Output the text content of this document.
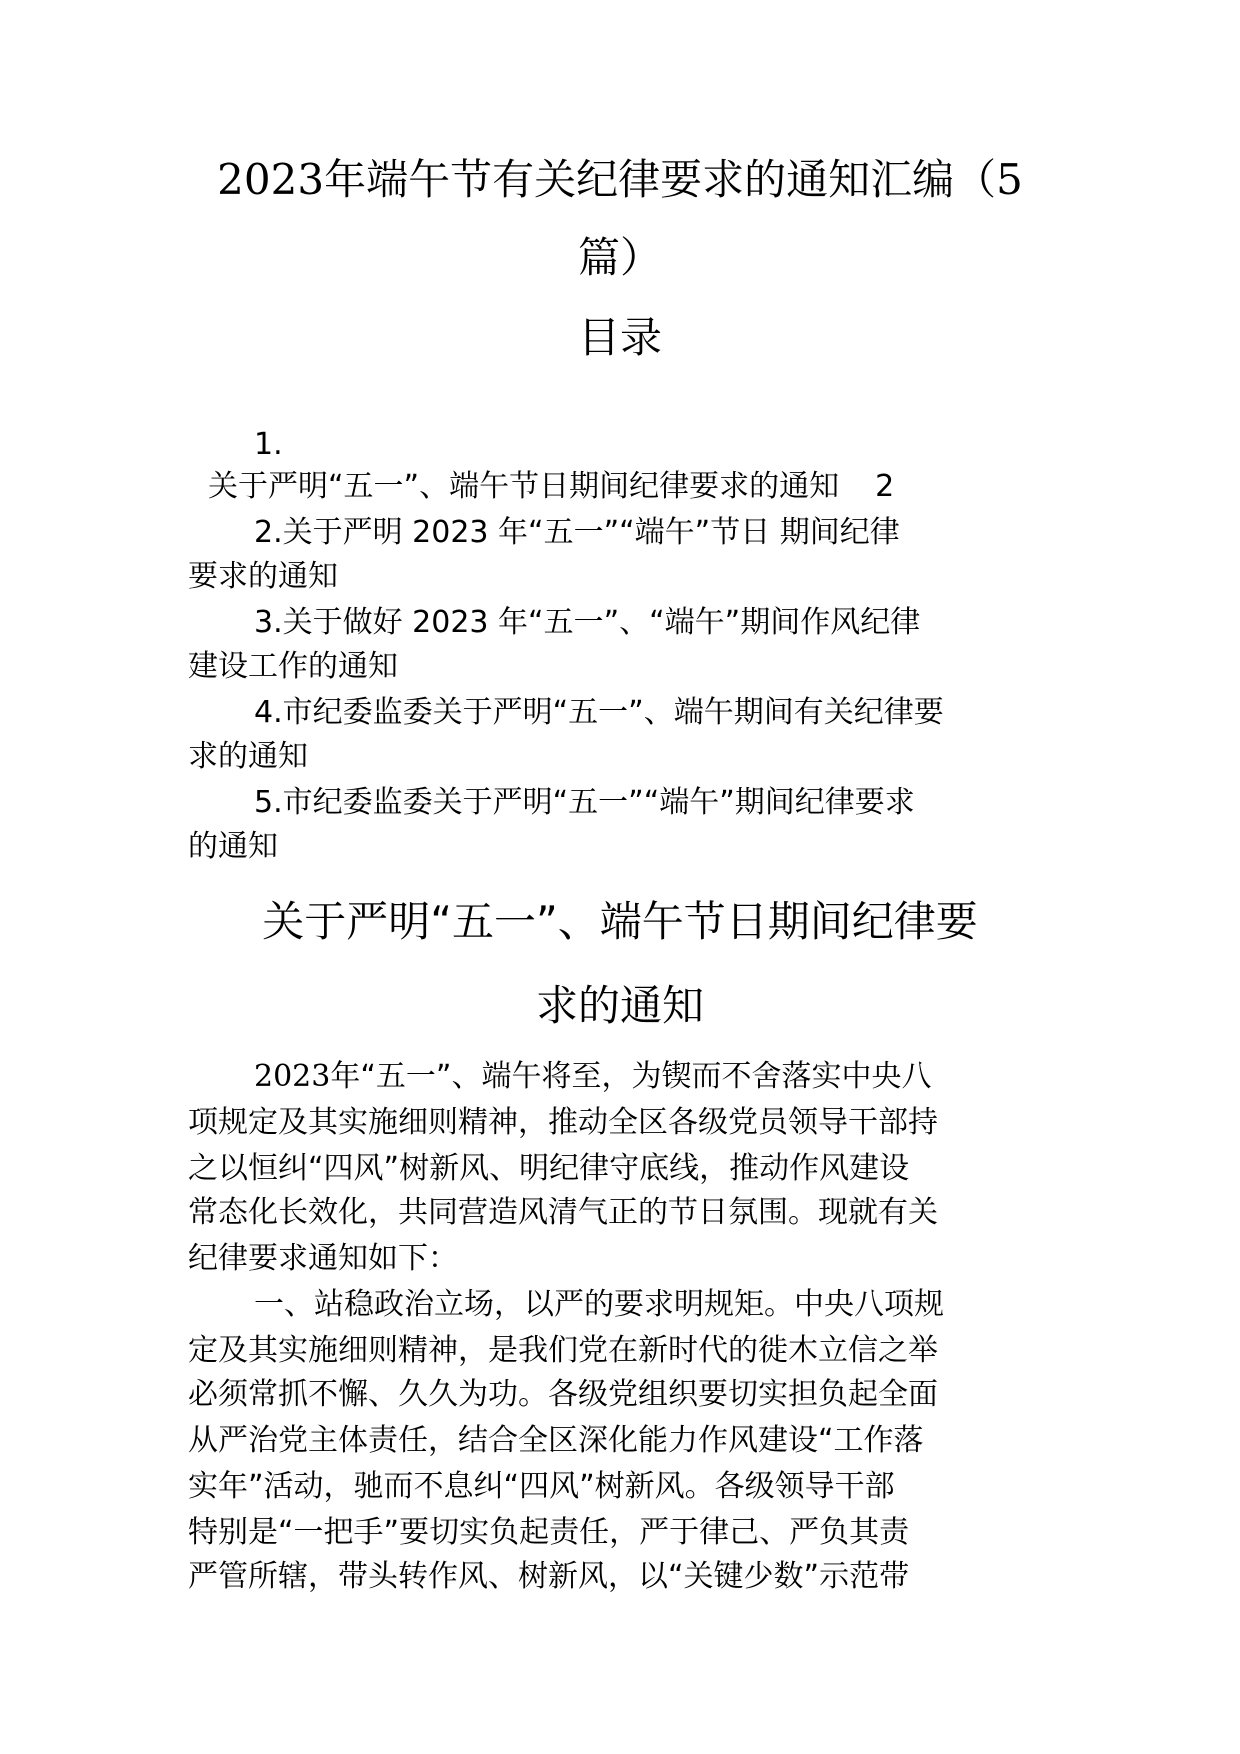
2023年端午节有关纪律要求的通知汇编（5
篇）
目录
1.
关于严明“五一”、端午节日期间纪律要求的通知 2
2.关于严明 2023 年“五一”“端午”节日 期间纪律
要求的通知
3.关于做好 2023 年“五一”、“端午”期间作风纪律
建设工作的通知
4.市纪委监委关于严明“五一”、端午期间有关纪律要
求的通知
5.市纪委监委关于严明“五一”“端午”期间纪律要求
的通知
关于严明“五一”、端午节日期间纪律要
求的通知
2023年“五一”、端午将至，为锲而不舍落实中央八
项规定及其实施细则精神，推动全区各级党员领导干部持
之以恒纠“四风”树新风、明纪律守底线，推动作风建设
常态化长效化，共同营造风清气正的节日氛围。现就有关
纪律要求通知如下：
一、站稳政治立场，以严的要求明规矩。中央八项规
定及其实施细则精神，是我们党在新时代的徙木立信之举
必须常抓不懈、久久为功。各级党组织要切实担负起全面
从严治党主体责任，结合全区深化能力作风建设“工作落
实年”活动，驰而不息纠“四风”树新风。各级领导干部
特别是“一把手”要切实负起责任，严于律己、严负其责
严管所辖，带头转作风、树新风，以“关键少数”示范带
